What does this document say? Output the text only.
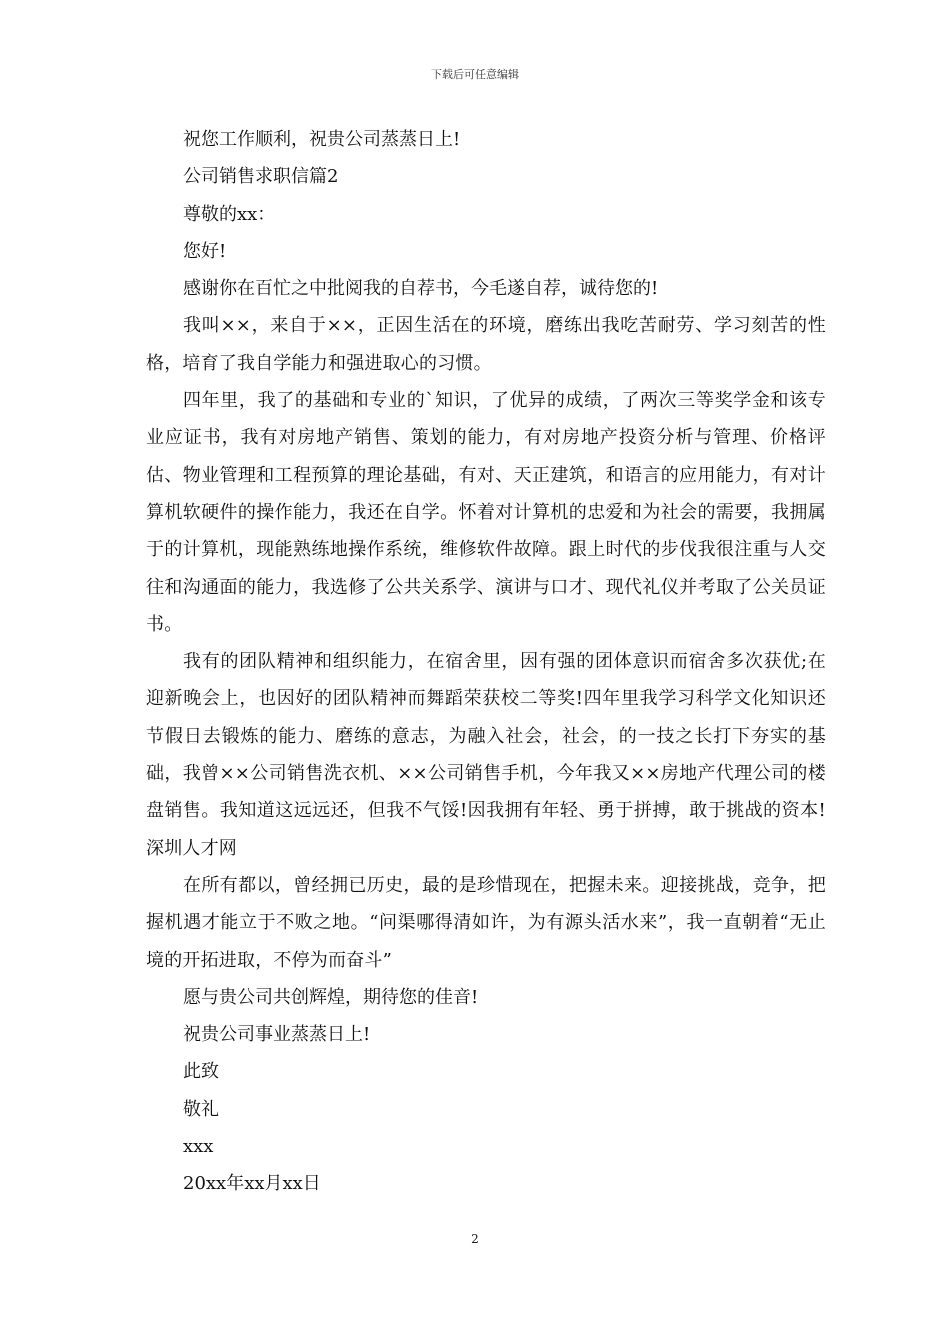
下载后可任意编辑

祝您工作顺利，祝贵公司蒸蒸日上!

公司销售求职信篇2

尊敬的xx：

您好!

感谢你在百忙之中批阅我的自荐书，今毛遂自荐，诚待您的!

我叫××，来自于××，正因生活在的环境，磨练出我吃苦耐劳、学习刻苦的性格，培育了我自学能力和强进取心的习惯。

四年里，我了的基础和专业的`知识，了优异的成绩，了两次三等奖学金和该专业应证书，我有对房地产销售、策划的能力，有对房地产投资分析与管理、价格评估、物业管理和工程预算的理论基础，有对、天正建筑，和语言的应用能力，有对计算机软硬件的操作能力，我还在自学。怀着对计算机的忠爱和为社会的需要，我拥属于的计算机，现能熟练地操作系统，维修软件故障。跟上时代的步伐我很注重与人交往和沟通面的能力，我选修了公共关系学、演讲与口才、现代礼仪并考取了公关员证书。

我有的团队精神和组织能力，在宿舍里，因有强的团体意识而宿舍多次获优;在迎新晚会上，也因好的团队精神而舞蹈荣获校二等奖!四年里我学习科学文化知识还节假日去锻炼的能力、磨练的意志，为融入社会，社会，的一技之长打下夯实的基础，我曾××公司销售洗衣机、××公司销售手机，今年我又××房地产代理公司的楼盘销售。我知道这远远还，但我不气馁!因我拥有年轻、勇于拼搏，敢于挑战的资本!深圳人才网

在所有都以，曾经拥已历史，最的是珍惜现在，把握未来。迎接挑战，竞争，把握机遇才能立于不败之地。“问渠哪得清如许，为有源头活水来”，我一直朝着“无止境的开拓进取，不停为而奋斗”

愿与贵公司共创辉煌，期待您的佳音!

祝贵公司事业蒸蒸日上!

此致

敬礼

xxx

20xx年xx月xx日

2
